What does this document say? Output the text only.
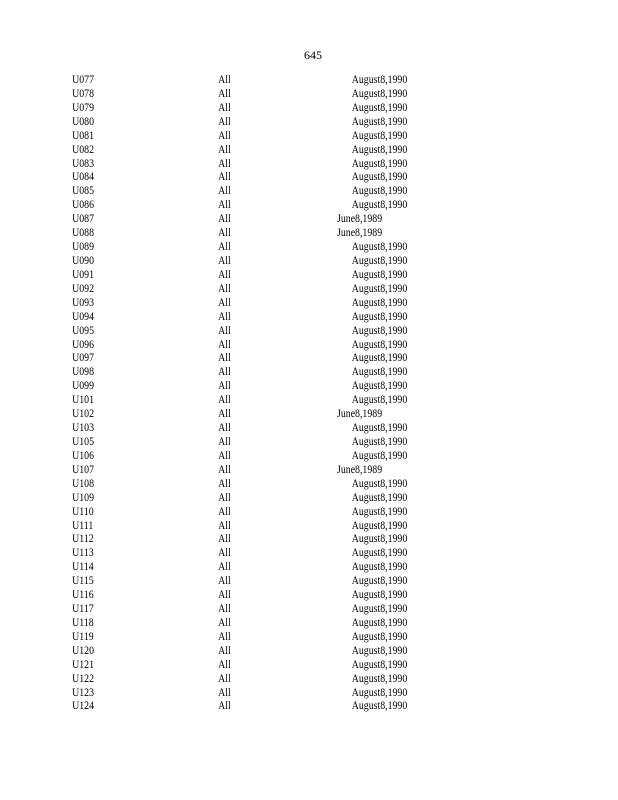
645
U077	All	August8,1990
U078	All	August8,1990
U079	All	August8,1990
U080	All	August8,1990
U081	All	August8,1990
U082	All	August8,1990
U083	All	August8,1990
U084	All	August8,1990
U085	All	August8,1990
U086	All	August8,1990
U087	All	June8,1989
U088	All	June8,1989
U089	All	August8,1990
U090	All	August8,1990
U091	All	August8,1990
U092	All	August8,1990
U093	All	August8,1990
U094	All	August8,1990
U095	All	August8,1990
U096	All	August8,1990
U097	All	August8,1990
U098	All	August8,1990
U099	All	August8,1990
U101	All	August8,1990
U102	All	June8,1989
U103	All	August8,1990
U105	All	August8,1990
U106	All	August8,1990
U107	All	June8,1989
U108	All	August8,1990
U109	All	August8,1990
U110	All	August8,1990
U111	All	August8,1990
U112	All	August8,1990
U113	All	August8,1990
U114	All	August8,1990
U115	All	August8,1990
U116	All	August8,1990
U117	All	August8,1990
U118	All	August8,1990
U119	All	August8,1990
U120	All	August8,1990
U121	All	August8,1990
U122	All	August8,1990
U123	All	August8,1990
U124	All	August8,1990
